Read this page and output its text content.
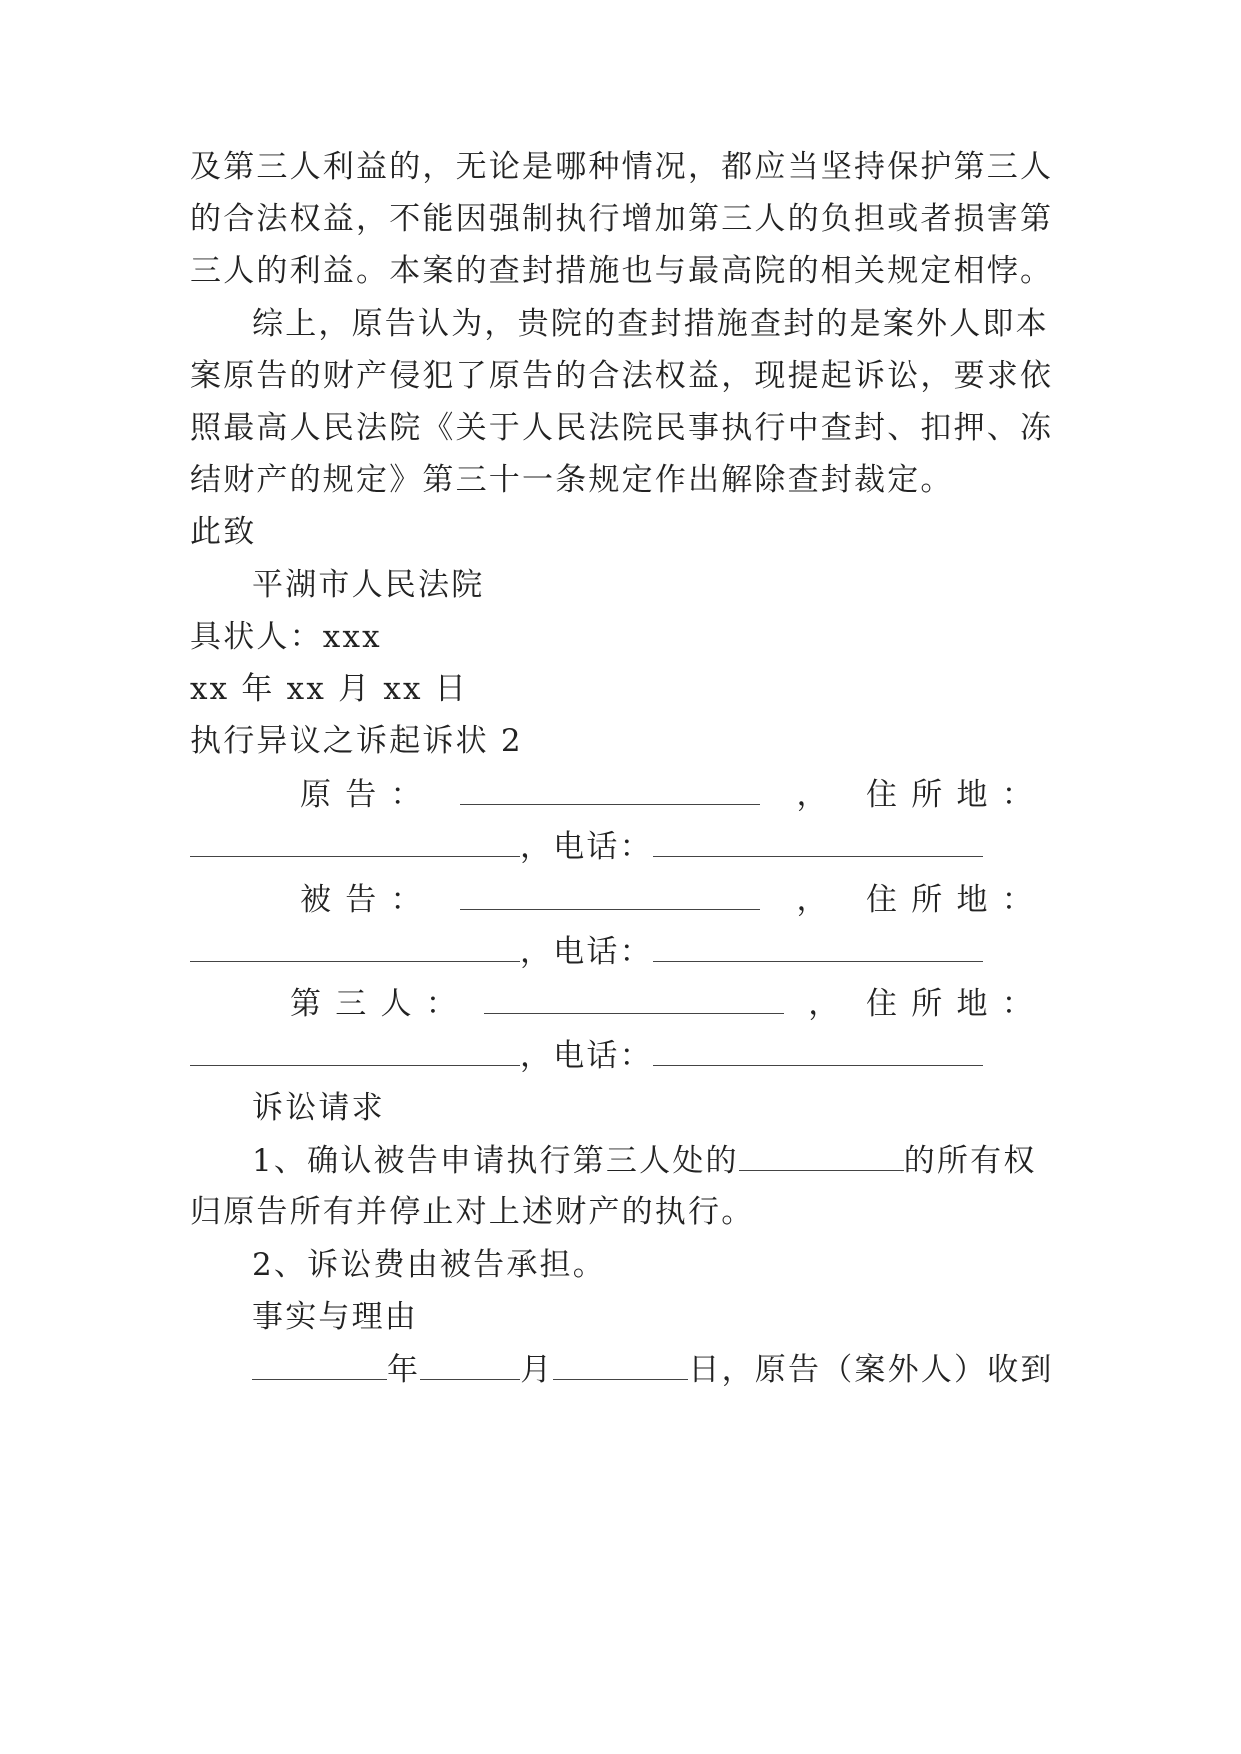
及第三人利益的，无论是哪种情况，都应当坚持保护第三人
的合法权益，不能因强制执行增加第三人的负担或者损害第
三人的利益。本案的查封措施也与最高院的相关规定相悖。
综上，原告认为，贵院的查封措施查封的是案外人即本
案原告的财产侵犯了原告的合法权益，现提起诉讼，要求依
照最高人民法院《关于人民法院民事执行中查封、扣押、冻
结财产的规定》第三十一条规定作出解除查封裁定。
此致
平湖市人民法院
具状人：xxx
xx 年 xx 月 xx 日
执行异议之诉起诉状 2
原 告 ：	， 住 所 地 ：
，电话：
被 告 ：	， 住 所 地 ：
，电话：
第 三 人 ：	， 住 所 地 ：
，电话：
诉讼请求
1、确认被告申请执行第三人处的	的所有权
归原告所有并停止对上述财产的执行。
2、诉讼费由被告承担。
事实与理由
年	月	日，原告（案外人）收到
